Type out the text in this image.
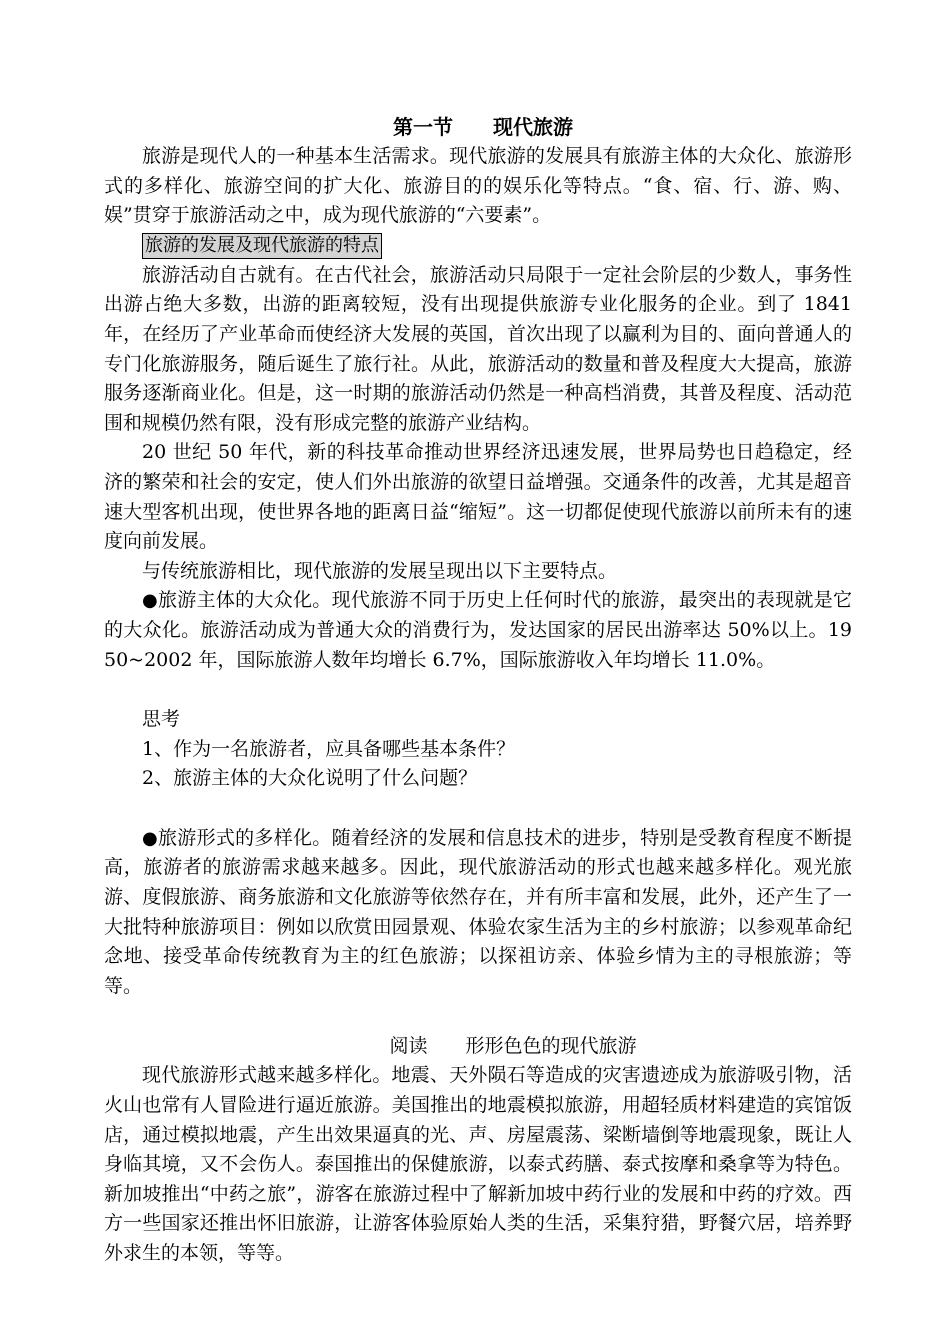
第一节　　现代旅游

旅游是现代人的一种基本生活需求。现代旅游的发展具有旅游主体的大众化、旅游形式的多样化、旅游空间的扩大化、旅游目的的娱乐化等特点。“食、宿、行、游、购、娱”贯穿于旅游活动之中，成为现代旅游的“六要素”。

旅游的发展及现代旅游的特点

旅游活动自古就有。在古代社会，旅游活动只局限于一定社会阶层的少数人，事务性出游占绝大多数，出游的距离较短，没有出现提供旅游专业化服务的企业。到了 1841 年，在经历了产业革命而使经济大发展的英国，首次出现了以赢利为目的、面向普通人的专门化旅游服务，随后诞生了旅行社。从此，旅游活动的数量和普及程度大大提高，旅游服务逐渐商业化。但是，这一时期的旅游活动仍然是一种高档消费，其普及程度、活动范围和规模仍然有限，没有形成完整的旅游产业结构。

20 世纪 50 年代，新的科技革命推动世界经济迅速发展，世界局势也日趋稳定，经济的繁荣和社会的安定，使人们外出旅游的欲望日益增强。交通条件的改善，尤其是超音速大型客机出现，使世界各地的距离日益“缩短”。这一切都促使现代旅游以前所未有的速度向前发展。

与传统旅游相比，现代旅游的发展呈现出以下主要特点。

●旅游主体的大众化。现代旅游不同于历史上任何时代的旅游，最突出的表现就是它的大众化。旅游活动成为普通大众的消费行为，发达国家的居民出游率达 50%以上。1950~2002 年，国际旅游人数年均增长 6.7%，国际旅游收入年均增长 11.0%。

思考

1、作为一名旅游者，应具备哪些基本条件？

2、旅游主体的大众化说明了什么问题？

●旅游形式的多样化。随着经济的发展和信息技术的进步，特别是受教育程度不断提高，旅游者的旅游需求越来越多。因此，现代旅游活动的形式也越来越多样化。观光旅游、度假旅游、商务旅游和文化旅游等依然存在，并有所丰富和发展，此外，还产生了一大批特种旅游项目：例如以欣赏田园景观、体验农家生活为主的乡村旅游；以参观革命纪念地、接受革命传统教育为主的红色旅游；以探祖访亲、体验乡情为主的寻根旅游；等等。

阅读　　形形色色的现代旅游

现代旅游形式越来越多样化。地震、天外陨石等造成的灾害遗迹成为旅游吸引物，活火山也常有人冒险进行逼近旅游。美国推出的地震模拟旅游，用超轻质材料建造的宾馆饭店，通过模拟地震，产生出效果逼真的光、声、房屋震荡、梁断墙倒等地震现象，既让人身临其境，又不会伤人。泰国推出的保健旅游，以泰式药膳、泰式按摩和桑拿等为特色。新加坡推出“中药之旅”，游客在旅游过程中了解新加坡中药行业的发展和中药的疗效。西方一些国家还推出怀旧旅游，让游客体验原始人类的生活，采集狩猎，野餐穴居，培养野外求生的本领，等等。
